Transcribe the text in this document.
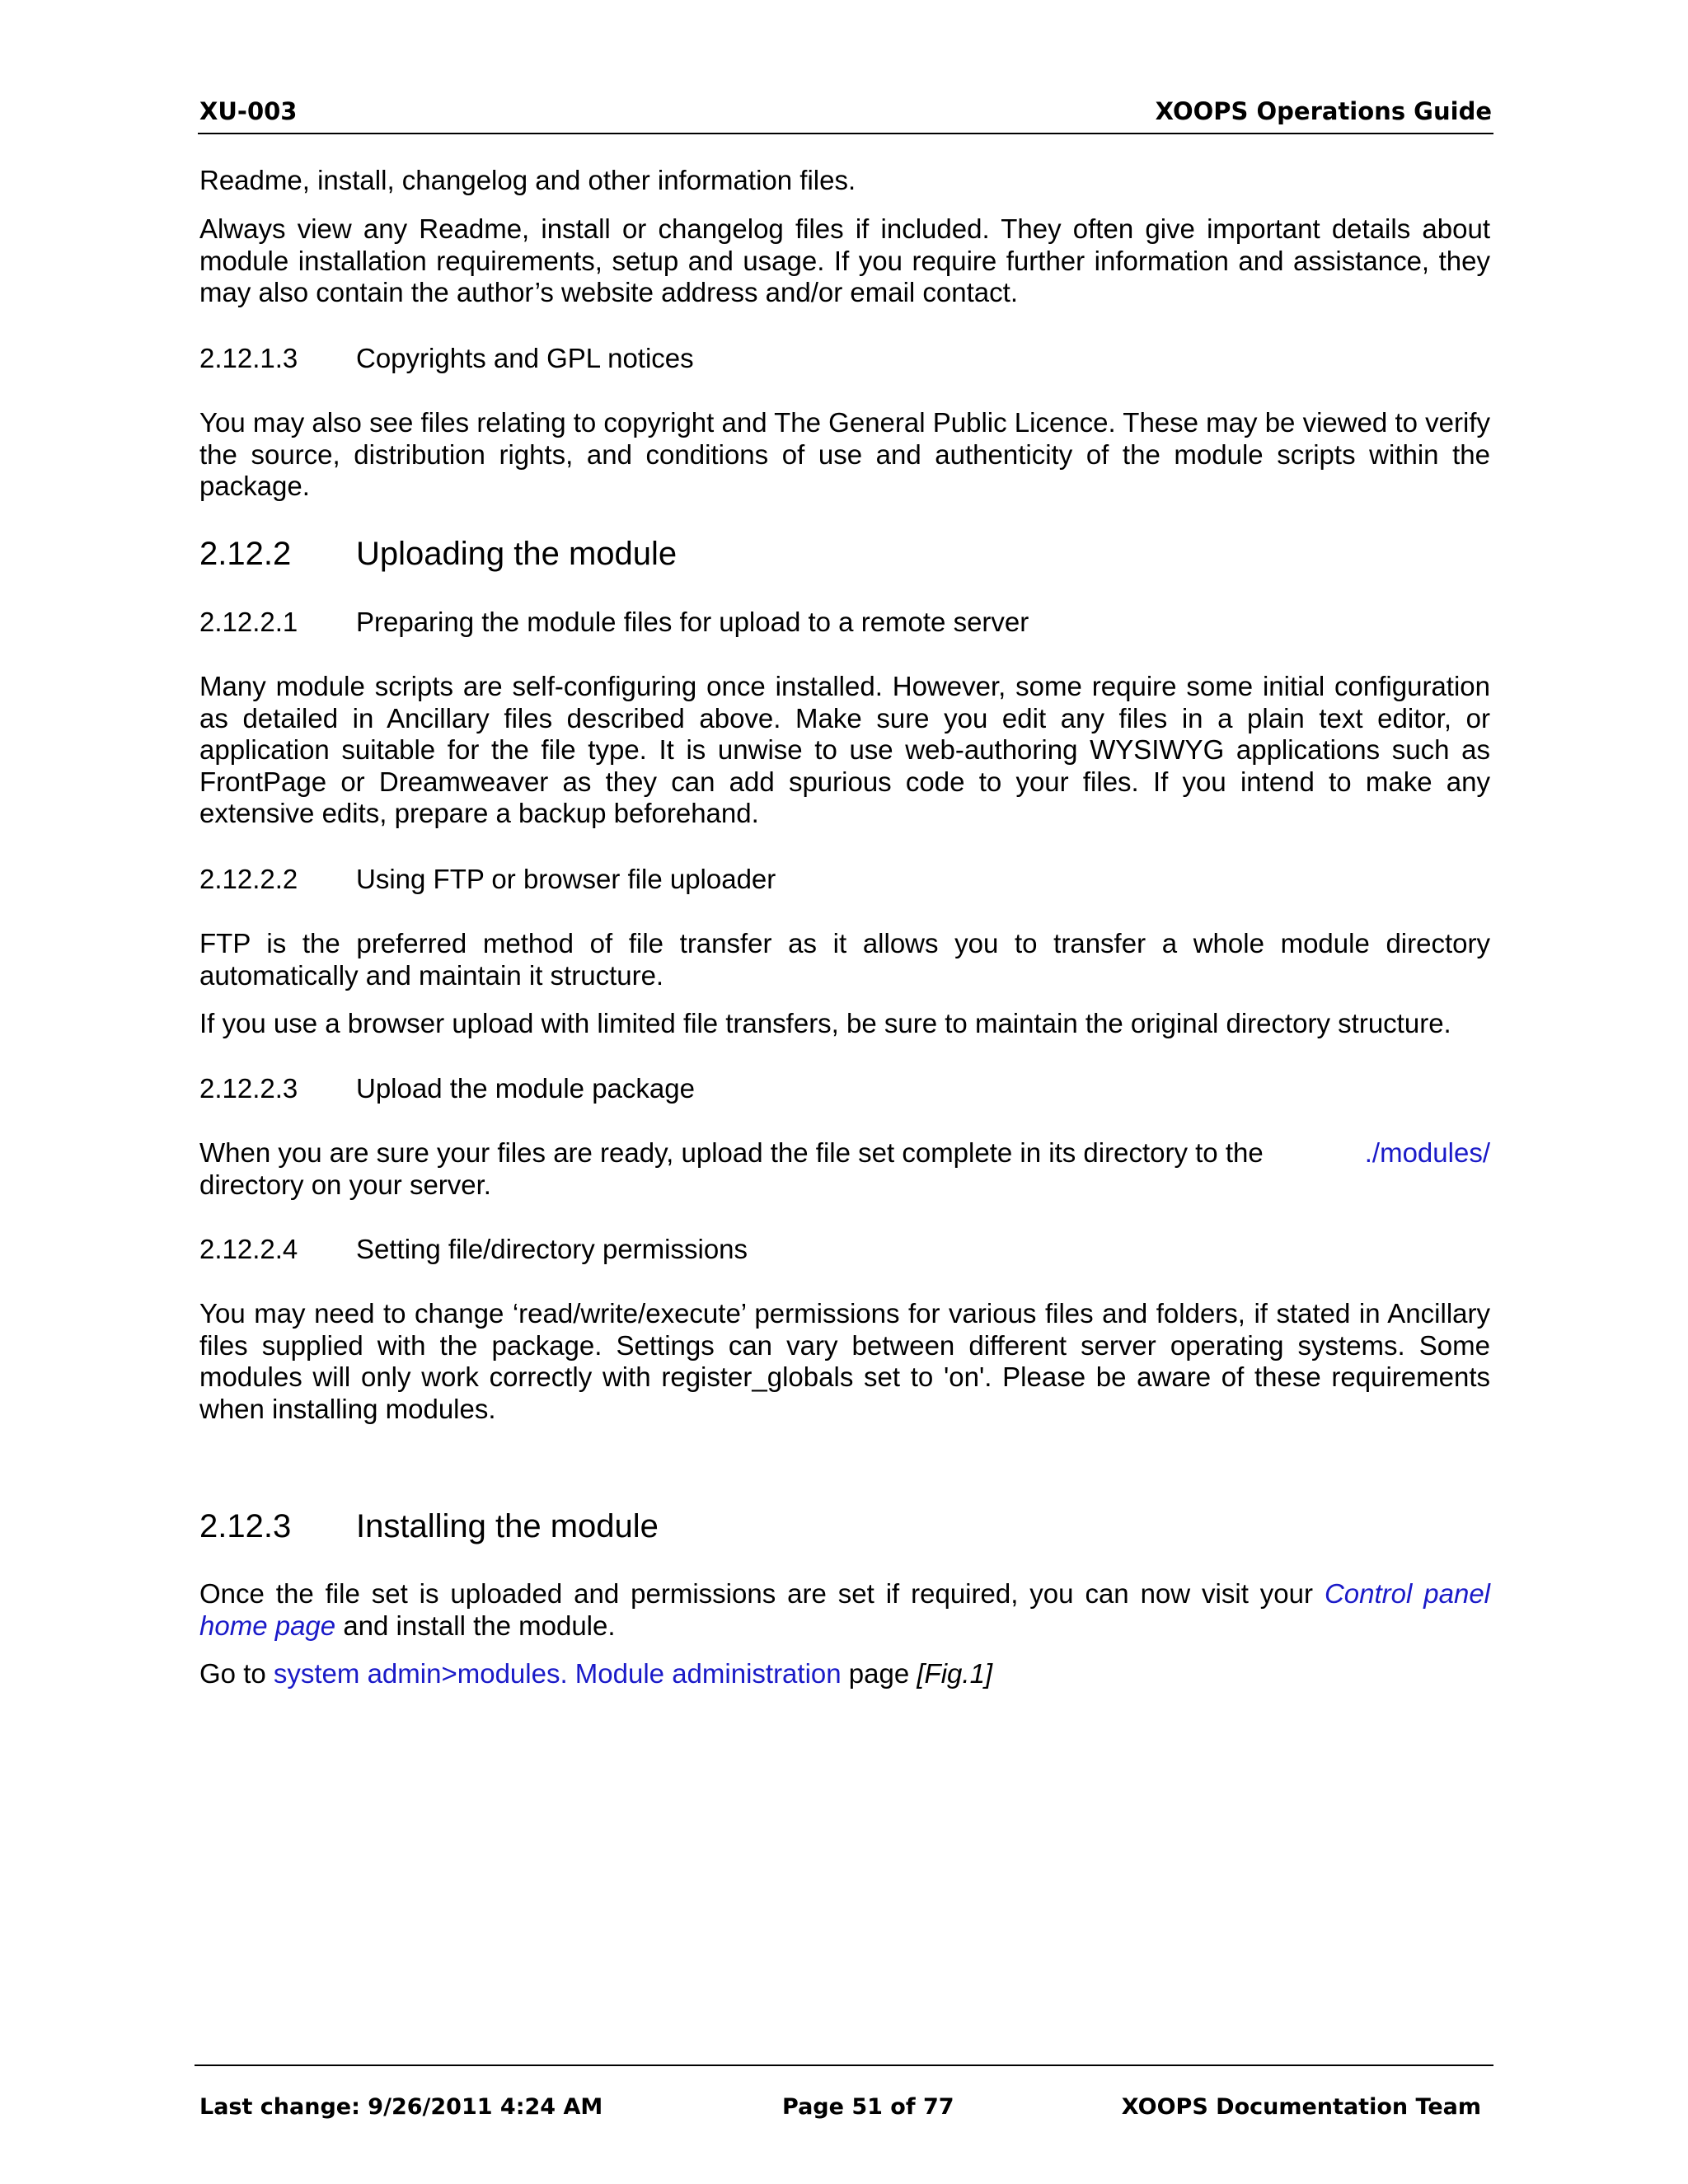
XU-003	XOOPS Operations Guide

Readme, install, changelog and other information files.

Always view any Readme, install or changelog files if included. They often give important details about module installation requirements, setup and usage. If you require further information and assistance, they may also contain the author’s website address and/or email contact.

2.12.1.3 Copyrights and GPL notices

You may also see files relating to copyright and The General Public Licence. These may be viewed to verify the source, distribution rights, and conditions of use and authenticity of the module scripts within the package.

2.12.2 Uploading the module
2.12.2.1 Preparing the module files for upload to a remote server

Many module scripts are self-configuring once installed. However, some require some initial configuration as detailed in Ancillary files described above. Make sure you edit any files in a plain text editor, or application suitable for the file type. It is unwise to use web-authoring WYSIWYG applications such as FrontPage or Dreamweaver as they can add spurious code to your files. If you intend to make any extensive edits, prepare a backup beforehand.

2.12.2.2 Using FTP or browser file uploader

FTP is the preferred method of file transfer as it allows you to transfer a whole module directory automatically and maintain it structure.

If you use a browser upload with limited file transfers, be sure to maintain the original directory structure.

2.12.2.3 Upload the module package
When you are sure your files are ready, upload the file set complete in its directory to the	./modules/
directory on your server.
2.12.2.4 Setting file/directory permissions

You may need to change ‘read/write/execute’ permissions for various files and folders, if stated in Ancillary files supplied with the package. Settings can vary between different server operating systems. Some modules will only work correctly with register_globals set to 'on'. Please be aware of these requirements when installing modules.

2.12.3 Installing the module

Once the file set is uploaded and permissions are set if required, you can now visit your Control panel home page and install the module.

Go to system admin>modules. Module administration page [Fig.1]

Last change: 9/26/2011 4:24 AM	Page 51 of 77	XOOPS Documentation Team
